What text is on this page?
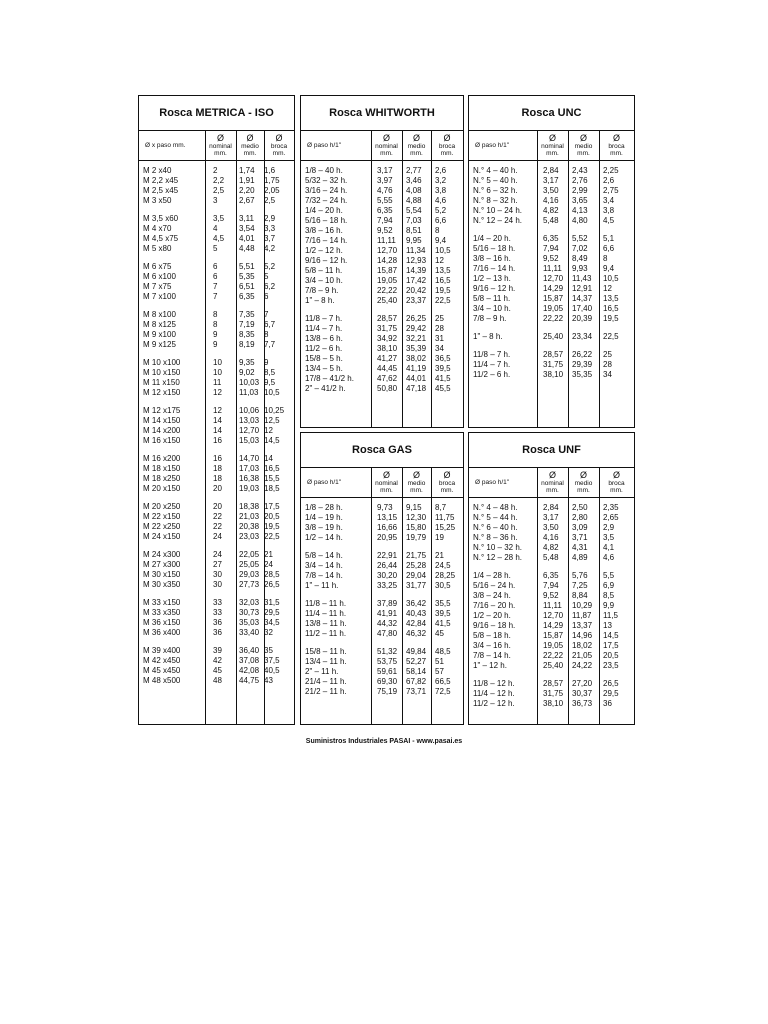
Rosca METRICA - ISO
Ø x paso mm.
Ø
nominal
mm.
Ø
medio
mm.
Ø
broca
mm.
M 2 x40	2	1,74 1,6
M 2,2 x45	2,2 1,91 1,75
M 2,5 x45	2,5 2,20 2,05
M 3 x50	3	2,67 2,5
M 3,5 x60	3,5 3,11 2,9
M 4 x70	4	3,54 3,3
M 4,5 x75	4,5 4,01 3,7
M 5 x80	5	4,48 4,2
M 6 x75	6	5,51 5,2
M 6 x100	6	5,35 5
M 7 x75	7	6,51 6,2
M 7 x100	7	6,35 6
M 8 x100	8	7,35 7
M 8 x125	8	7,19 6,7
M 9 x100	9	8,35 8
M 9 x125	9	8,19 7,7
M 10 x100	10 9,35 9
M 10 x150	10 9,02 8,5
M 11 x150	11 10,03 9,5
M 12 x150	12 11,03 10,5
M 12 x175	12 10,06 10,25
M 14 x150	14 13,03 12,5
M 14 x200	14 12,70 12
M 16 x150	16 15,03 14,5
M 16 x200	16 14,70 14
M 18 x150	18 17,03 16,5
M 18 x250	18 16,38 15,5
M 20 x150	20 19,03 18,5
M 20 x250	20 18,38 17,5
M 22 x150	22 21,03 20,5
M 22 x250	22 20,38 19,5
M 24 x150	24 23,03 22,5
M 24 x300	24 22,05 21
M 27 x300	27 25,05 24
M 30 x150	30 29,03 28,5
M 30 x350	30 27,73 26,5
M 33 x150	33 32,03 31,5
M 33 x350	33 30,73 29,5
M 36 x150	36 35,03 34,5
M 36 x400	36 33,40 32
M 39 x400	39 36,40 35
M 42 x450	42 37,08 37,5
M 45 x450	45 42,08 40,5
M 48 x500	48 44,75 43
Rosca WHITWORTH
Ø paso h/1"
Ø
nominal
mm.
Ø
medio
mm.
Ø
broca
mm.
1/8 – 40 h.	3,17 2,77 2,6
5/32 – 32 h.	3,97 3,46 3,2
3/16 – 24 h.	4,76 4,08 3,8
7/32 – 24 h.	5,55 4,88 4,6
1/4 – 20 h.	6,35 5,54 5,2
5/16 – 18 h.	7,94 7,03 6,6
3/8 – 16 h.	9,52 8,51 8
7/16 – 14 h.	11,11 9,95 9,4
1/2 – 12 h.	12,70 11,34 10,5
9/16 – 12 h.	14,28 12,93 12
5/8 – 11 h.	15,87 14,39 13,5
3/4 – 10 h.	19,05 17,42 16,5
7/8 – 9 h.	22,22 20,42 19,5
1" – 8 h.	25,40 23,37 22,5
11/8 – 7 h.	28,57 26,25 25
11/4 – 7 h.	31,75 29,42 28
13/8 – 6 h.	34,92 32,21 31
11/2 – 6 h.	38,10 35,39 34
15/8 – 5 h.	41,27 38,02 36,5
13/4 – 5 h.	44,45 41,19 39,5
17/8 – 41/2 h.	47,62 44,01 41,5
2" – 41/2 h.	50,80 47,18 45,5
Rosca UNC
Ø paso h/1"
Ø
nominal
mm.
Ø
medio
mm.
Ø
broca
mm.
N.° 4 – 40 h.	2,84 2,43 2,25
N.° 5 – 40 h.	3,17 2,76 2,6
N.° 6 – 32 h.	3,50 2,99 2,75
N.° 8 – 32 h.	4,16 3,65 3,4
N.° 10 – 24 h.	4,82 4,13 3,8
N.° 12 – 24 h.	5,48 4,80 4,5
1/4 – 20 h.	6,35 5,52 5,1
5/16 – 18 h.	7,94 7,02 6,6
3/8 – 16 h.	9,52 8,49 8
7/16 – 14 h.	11,11 9,93 9,4
1/2 – 13 h.	12,70 11,43 10,5
9/16 – 12 h.	14,29 12,91 12
5/8 – 11 h.	15,87 14,37 13,5
3/4 – 10 h.	19,05 17,40 16,5
7/8 – 9 h.	22,22 20,39 19,5
1" – 8 h.	25,40 23,34 22,5
11/8 – 7 h.	28,57 26,22 25
11/4 – 7 h.	31,75 29,39 28
11/2 – 6 h.	38,10 35,35 34
Rosca GAS
Ø paso h/1"
Ø
nominal
mm.
Ø
medio
mm.
Ø
broca
mm.
1/8 – 28 h.	9,73 9,15 8,7
1/4 – 19 h.	13,15 12,30 11,75
3/8 – 19 h.	16,66 15,80 15,25
1/2 – 14 h.	20,95 19,79 19
5/8 – 14 h.	22,91 21,75 21
3/4 – 14 h.	26,44 25,28 24,5
7/8 – 14 h.	30,20 29,04 28,25
1" – 11 h.	33,25 31,77 30,5
11/8 – 11 h.	37,89 36,42 35,5
11/4 – 11 h.	41,91 40,43 39,5
13/8 – 11 h.	44,32 42,84 41,5
11/2 – 11 h.	47,80 46,32 45
15/8 – 11 h.	51,32 49,84 48,5
13/4 – 11 h.	53,75 52,27 51
2" – 11 h.	59,61 58,14 57
21/4 – 11 h.	69,30 67,82 66,5
21/2 – 11 h.	75,19 73,71 72,5
Rosca UNF
Ø paso h/1"
Ø
nominal
mm.
Ø
medio
mm.
Ø
broca
mm.
N.° 4 – 48 h.	2,84 2,50 2,35
N.° 5 – 44 h.	3,17 2,80 2,65
N.° 6 – 40 h.	3,50 3,09 2,9
N.° 8 – 36 h.	4,16 3,71 3,5
N.° 10 – 32 h.	4,82 4,31 4,1
N.° 12 – 28 h.	5,48 4,89 4,6
1/4 – 28 h.	6,35 5,76 5,5
5/16 – 24 h.	7,94 7,25 6,9
3/8 – 24 h.	9,52 8,84 8,5
7/16 – 20 h.	11,11 10,29 9,9
1/2 – 20 h.	12,70 11,87 11,5
9/16 – 18 h.	14,29 13,37 13
5/8 – 18 h.	15,87 14,96 14,5
3/4 – 16 h.	19,05 18,02 17,5
7/8 – 14 h.	22,22 21,05 20,5
1" – 12 h.	25,40 24,22 23,5
11/8 – 12 h.	28,57 27,20 26,5
11/4 – 12 h.	31,75 30,37 29,5
11/2 – 12 h.	38,10 36,73 36
Suministros Industriales PASAI - www.pasai.es
